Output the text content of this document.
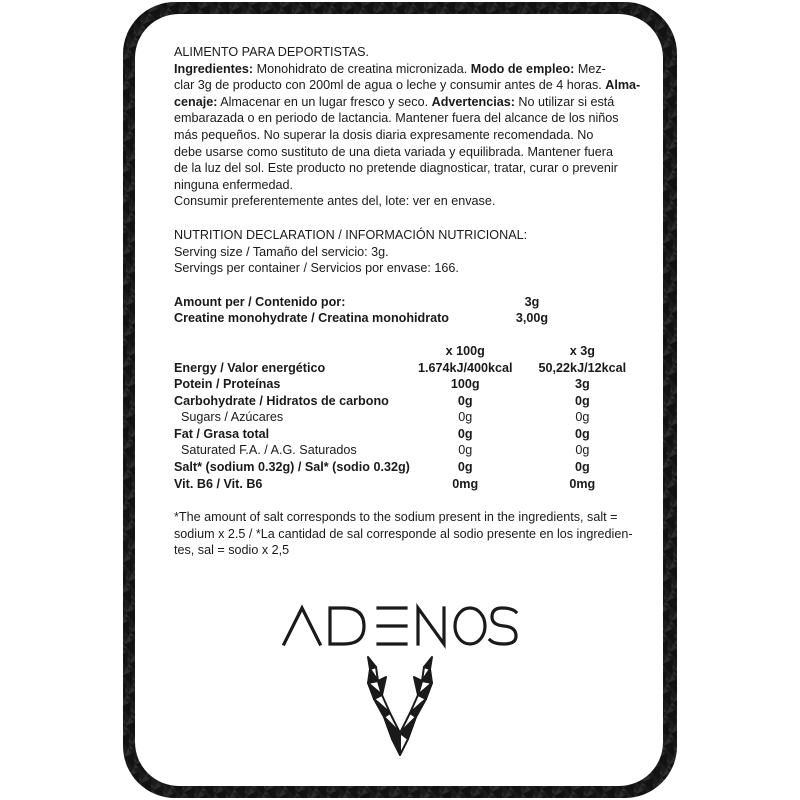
ALIMENTO PARA DEPORTISTAS.

Ingredientes: Monohidrato de creatina micronizada. Modo de empleo: Mez-

clar 3g de producto con 200ml de agua o leche y consumir antes de 4 horas. Alma-

cenaje: Almacenar en un lugar fresco y seco. Advertencias: No utilizar si está

embarazada o en periodo de lactancia. Mantener fuera del alcance de los niños

más pequeños. No superar la dosis diaria expresamente recomendada. No

debe usarse como sustituto de una dieta variada y equilibrada. Mantener fuera

de la luz del sol. Este producto no pretende diagnosticar, tratar, curar o prevenir

ninguna enfermedad.

Consumir preferentemente antes del, lote: ver en envase.

NUTRITION DECLARATION / INFORMACIÓN NUTRICIONAL:

Serving size / Tamaño del servicio: 3g.

Servings per container / Servicios por envase: 166.

Amount per / Contenido por:	3g
Creatine monohydrate / Creatina monohidrato	3,00g
	x 100g	x 3g
Energy / Valor energético	1.674kJ/400kcal	50,22kJ/12kcal
Potein / Proteínas	100g	3g
Carbohydrate / Hidratos de carbono	0g	0g
Sugars / Azúcares	0g	0g
Fat / Grasa total	0g	0g
Saturated F.A. / A.G. Saturados	0g	0g
Salt* (sodium 0.32g) / Sal* (sodio 0.32g)	0g	0g
Vit. B6 / Vit. B6	0mg	0mg

*The amount of salt corresponds to the sodium present in the ingredients, salt =

sodium x 2.5 / *La cantidad de sal corresponde al sodio presente en los ingredien-

tes, sal = sodio x 2,5
